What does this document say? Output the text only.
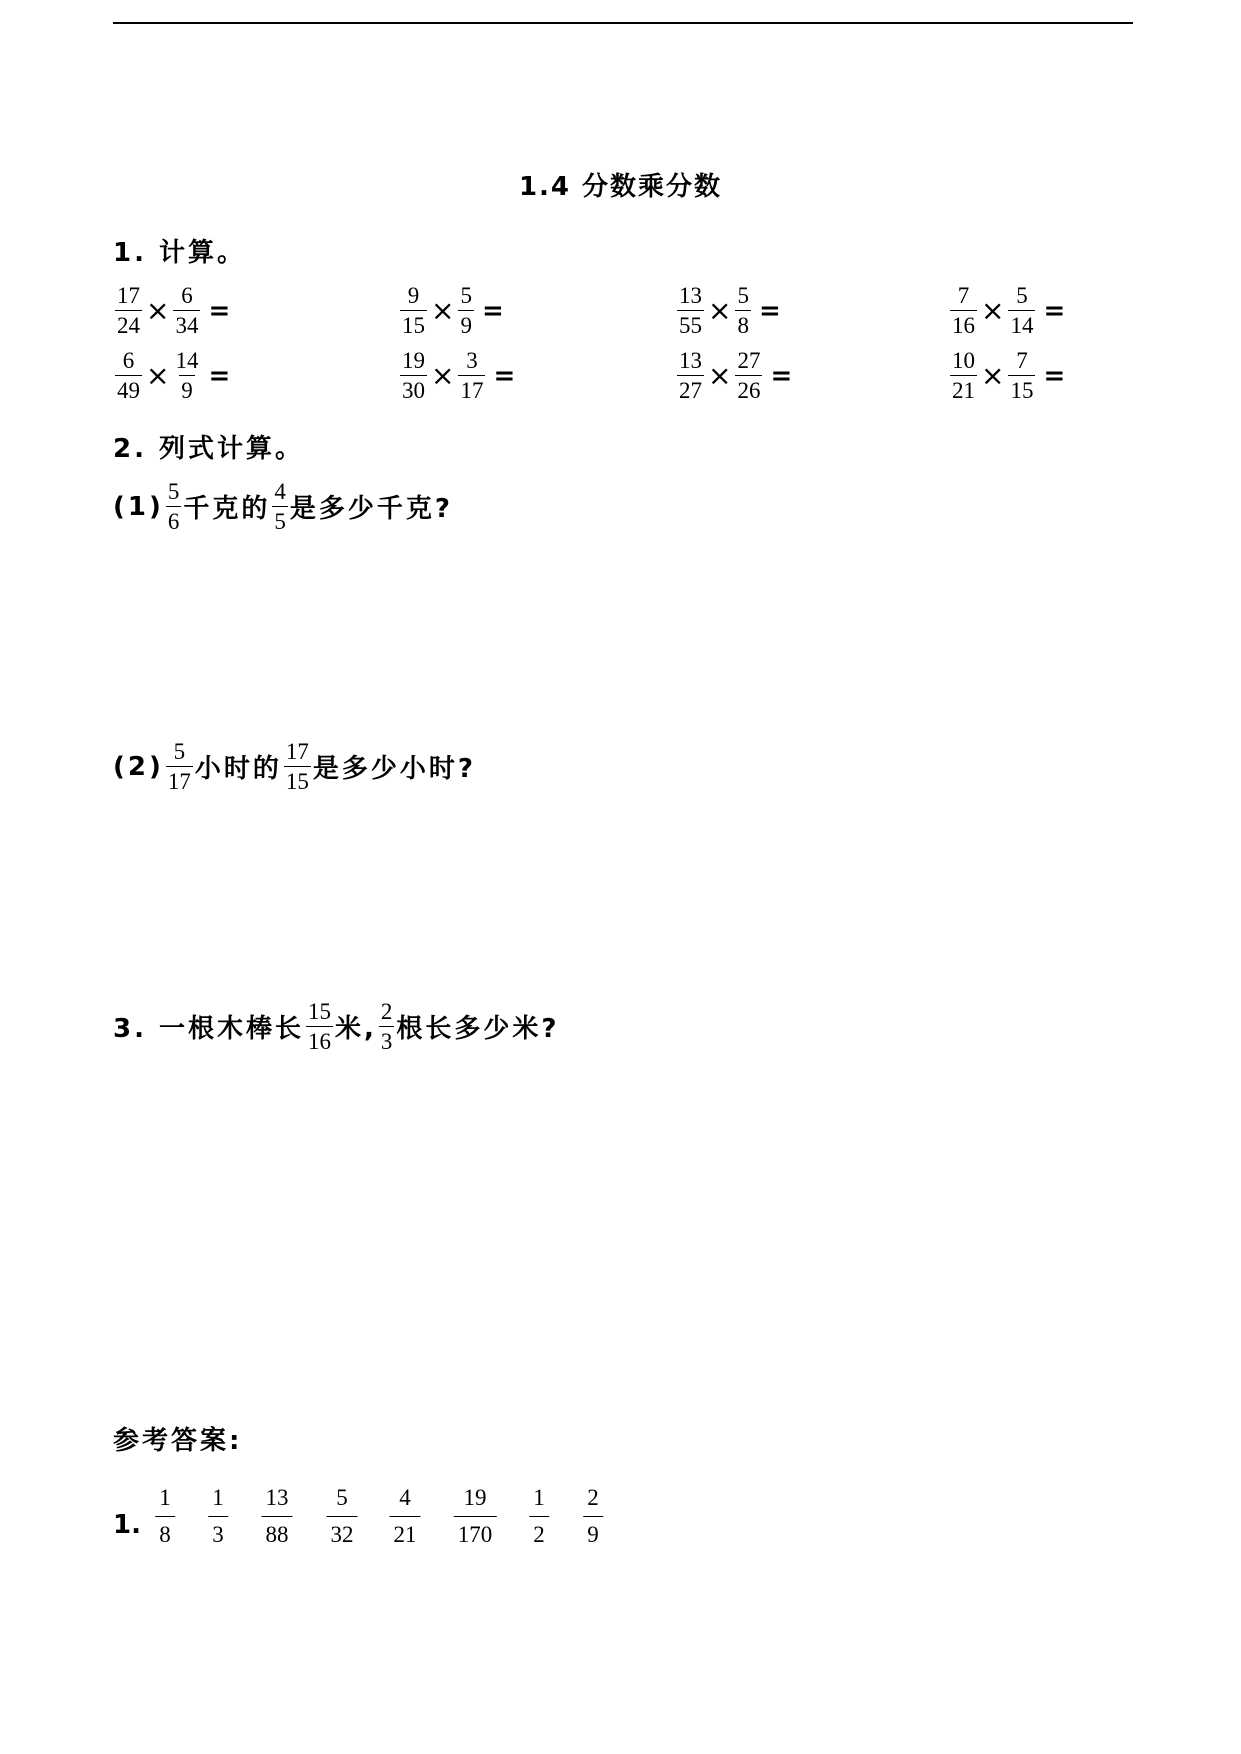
1.4 分数乘分数
1. 计算。
$\frac{17}{24} \times \frac{6}{34}$ =	$\frac{9}{15} \times \frac{5}{9}$ =	$\frac{13}{55} \times \frac{5}{8}$ =	$\frac{7}{16} \times \frac{5}{14}$ =
$\frac{6}{49} \times \frac{14}{9}$ =	$\frac{19}{30} \times \frac{3}{17}$ =	$\frac{13}{27} \times \frac{27}{26}$ =	$\frac{10}{21} \times \frac{7}{15}$ =
2. 列式计算。
$(1) \frac{5}{6}$ 千克的 $\frac{4}{5}$ 是多少千克?
$(2) \frac{5}{17}$ 小时的 $\frac{17}{15}$ 是多少小时?
3. 一根木棒长 $\frac{15}{16}$ 米, $\frac{2}{3}$ 根长多少米?
参考答案:
1. $\frac{1}{8} \frac{1}{3} \frac{13}{88} \frac{5}{32} \frac{4}{21} \frac{19}{170} \frac{1}{2} \frac{2}{9}$
